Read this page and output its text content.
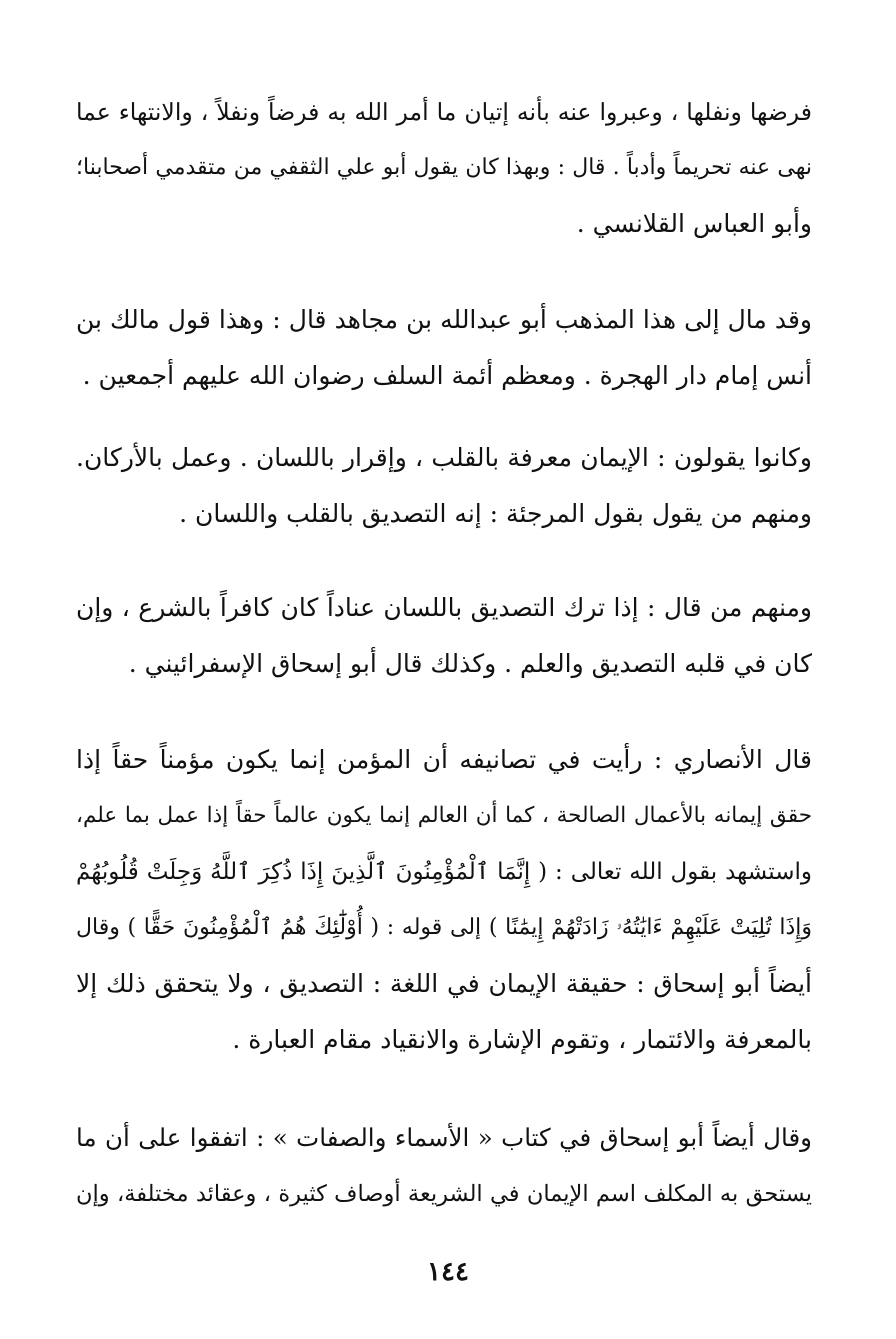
فرضها ونفلها ، وعبروا عنه بأنه إتيان ما أمر الله به فرضاً ونفلاً ، والانتهاء عما
نهى عنه تحريماً وأدباً . قال : وبهذا كان يقول أبو علي الثقفي من متقدمي أصحابنا؛
وأبو العباس القلانسي .
وقد مال إلى هذا المذهب أبو عبدالله بن مجاهد قال : وهذا قول مالك بن
أنس إمام دار الهجرة . ومعظم أئمة السلف رضوان الله عليهم أجمعين .
وكانوا يقولون : الإيمان معرفة بالقلب ، وإقرار باللسان . وعمل بالأركان.
ومنهم من يقول بقول المرجئة : إنه التصديق بالقلب واللسان .
ومنهم من قال : إذا ترك التصديق باللسان عناداً كان كافراً بالشرع ، وإن
كان في قلبه التصديق والعلم . وكذلك قال أبو إسحاق الإسفرائيني .
قال الأنصاري : رأيت في تصانيفه أن المؤمن إنما يكون مؤمناً حقاً إذا
حقق إيمانه بالأعمال الصالحة ، كما أن العالم إنما يكون عالماً حقاً إذا عمل بما علم،
واستشهد بقول الله تعالى : ( إِنَّمَا ٱلْمُؤْمِنُونَ ٱلَّذِينَ إِذَا ذُكِرَ ٱللَّهُ وَجِلَتْ قُلُوبُهُمْ
وَإِذَا تُلِيَتْ عَلَيْهِمْ ءَايَٰتُهُۥ زَادَتْهُمْ إِيمَٰنًا ) إلى قوله : ( أُوْلَٰٓئِكَ هُمُ ٱلْمُؤْمِنُونَ حَقًّا ) وقال
أيضاً أبو إسحاق : حقيقة الإيمان في اللغة : التصديق ، ولا يتحقق ذلك إلا
بالمعرفة والائتمار ، وتقوم الإشارة والانقياد مقام العبارة .
وقال أيضاً أبو إسحاق في كتاب « الأسماء والصفات » : اتفقوا على أن ما
يستحق به المكلف اسم الإيمان في الشريعة أوصاف كثيرة ، وعقائد مختلفة، وإن
١٤٤
